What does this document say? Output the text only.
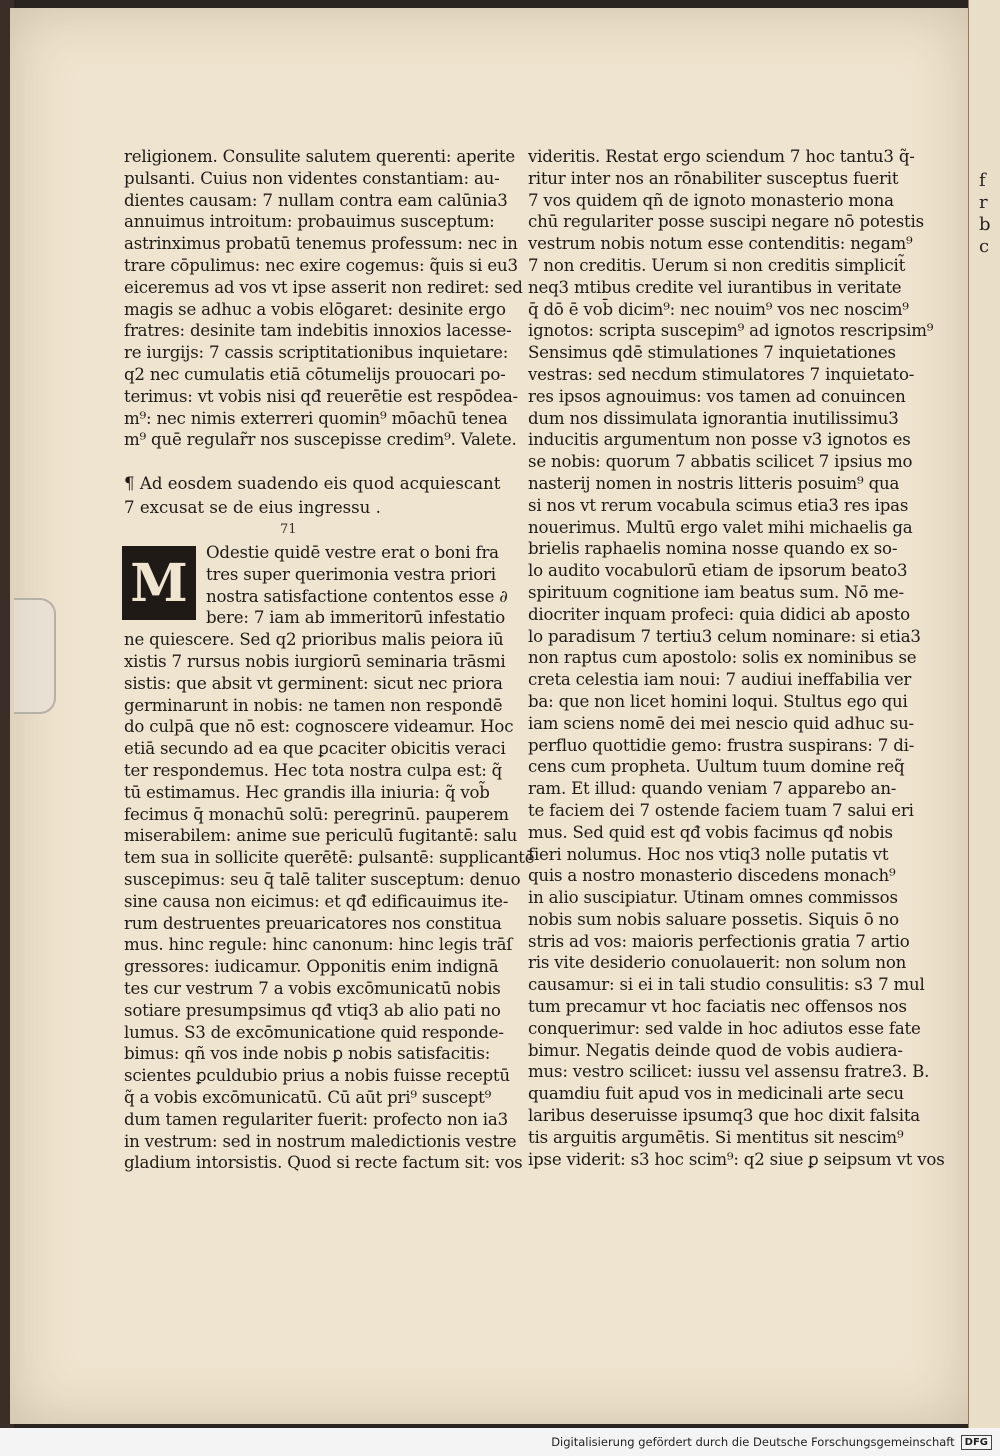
f
r
b
c

religionem. Consulite salutem querenti: aperite

pulsanti. Cuius non videntes constantiam: au-

dientes causam: 7 nullam contra eam calūnia3

annuimus introitum: probauimus susceptum:

astrinximus probatū tenemus professum: nec in

trare cōpulimus: nec exire cogemus: q̃uis si eu3

eiceremus ad vos vt ipse asserit non rediret: sed

magis se adhuc a vobis elōgaret: desinite ergo

fratres: desinite tam indebitis innoxios lacesse-

re iurgijs: 7 cassis scriptitationibus inquietare:

q2 nec cumulatis etiā cōtumelijs prouocari po-

terimus: vt vobis nisi qđ reuerētie est respōdea-

m⁹: nec nimis exterreri quomin⁹ mōachū tenea

m⁹ quē regular̃r nos suscepisse credim⁹. Valete.

¶ Ad eosdem suadendo eis quod acquiescant

7 excusat se de eius ingressu .

71
M	Odestie quidē vestre erat o boni fra

tres super querimonia vestra priori

nostra satisfactione contentos esse ∂

bere: 7 iam ab immeritorū infestatio

ne quiescere. Sed q2 prioribus malis peiora iū

xistis 7 rursus nobis iurgiorū seminaria trāsmi

sistis: que absit vt germinent: sicut nec priora

germinarunt in nobis: ne tamen non respondē

do culpā que nō est: cognoscere videamur. Hoc

etiā secundo ad ea que ꝑcaciter obicitis veraci

ter respondemus. Hec tota nostra culpa est: q̃

tū estimamus. Hec grandis illa iniuria: q̃ vob̃

fecimus q̄ monachū solū: peregrinū. pauperem

miserabilem: anime sue periculū fugitantē: salu

tem sua in sollicite querētē: ꝑulsantē: supplicantē

suscepimus: seu q̄ talē taliter susceptum: denuo

sine causa non eicimus: et qđ edificauimus ite-

rum destruentes preuaricatores nos constitua

mus. hinc regule: hinc canonum: hinc legis trāſ

gressores: iudicamur. Opponitis enim indignā

tes cur vestrum 7 a vobis excōmunicatū nobis

sotiare presumpsimus qđ vtiq3 ab alio pati no

lumus. S3 de excōmunicatione quid responde-

bimus: qñ vos inde nobis ꝑ nobis satisfacitis:

scientes ꝑculdubio prius a nobis fuisse receptū

q̃ a vobis excōmunicatū. Cū aūt pri⁹ suscept⁹

dum tamen regulariter fuerit: profecto non ia3

in vestrum: sed in nostrum maledictionis vestre

gladium intorsistis. Quod si recte factum sit: vos

videritis. Restat ergo sciendum 7 hoc tantu3 q̃-

ritur inter nos an rōnabiliter susceptus fuerit

7 vos quidem qñ de ignoto monasterio mona

chū regulariter posse suscipi negare nō potestis

vestrum nobis notum esse contenditis: negam⁹

7 non creditis. Uerum si non creditis simplicit̃

neq3 mtibus credite vel iurantibus in veritate

q̄ dō ē vob̄ dicim⁹: nec nouim⁹ vos nec noscim⁹

ignotos: scripta suscepim⁹ ad ignotos rescripsim⁹

Sensimus qdē stimulationes 7 inquietationes

vestras: sed necdum stimulatores 7 inquietato-

res ipsos agnouimus: vos tamen ad conuincen

dum nos dissimulata ignorantia inutilissimu3

inducitis argumentum non posse v3 ignotos es

se nobis: quorum 7 abbatis scilicet 7 ipsius mo

nasterij nomen in nostris litteris posuim⁹ qua

si nos vt rerum vocabula scimus etia3 res ipas

nouerimus. Multū ergo valet mihi michaelis ga

brielis raphaelis nomina nosse quando ex so-

lo audito vocabulorū etiam de ipsorum beato3

spirituum cognitione iam beatus sum. Nō me-

diocriter inquam profeci: quia didici ab aposto

lo paradisum 7 tertiu3 celum nominare: si etia3

non raptus cum apostolo: solis ex nominibus se

creta celestia iam noui: 7 audiui ineffabilia ver

ba: que non licet homini loqui. Stultus ego qui

iam sciens nomē dei mei nescio quid adhuc su-

perfluo quottidie gemo: frustra suspirans: 7 di-

cens cum propheta. Uultum tuum domine req̃

ram. Et illud: quando veniam 7 apparebo an-

te faciem dei 7 ostende faciem tuam 7 salui eri

mus. Sed quid est qđ vobis facimus qđ nobis

fieri nolumus. Hoc nos vtiq3 nolle putatis vt

quis a nostro monasterio discedens monach⁹

in alio suscipiatur. Utinam omnes commissos

nobis sum nobis saluare possetis. Siquis ō no

stris ad vos: maioris perfectionis gratia 7 artio

ris vite desiderio conuolauerit: non solum non

causamur: si ei in tali studio consulitis: s3 7 mul

tum precamur vt hoc faciatis nec offensos nos

conquerimur: sed valde in hoc adiutos esse fate

bimur. Negatis deinde quod de vobis audiera-

mus: vestro scilicet: iussu vel assensu fratre3. B.

quamdiu fuit apud vos in medicinali arte secu

laribus deseruisse ipsumq3 que hoc dixit falsita

tis arguitis argumētis. Si mentitus sit nescim⁹

ipse viderit: s3 hoc scim⁹: q2 siue ꝑ seipsum vt vos

Digitalisierung gefördert durch die Deutsche Forschungsgemeinschaft	DFG
